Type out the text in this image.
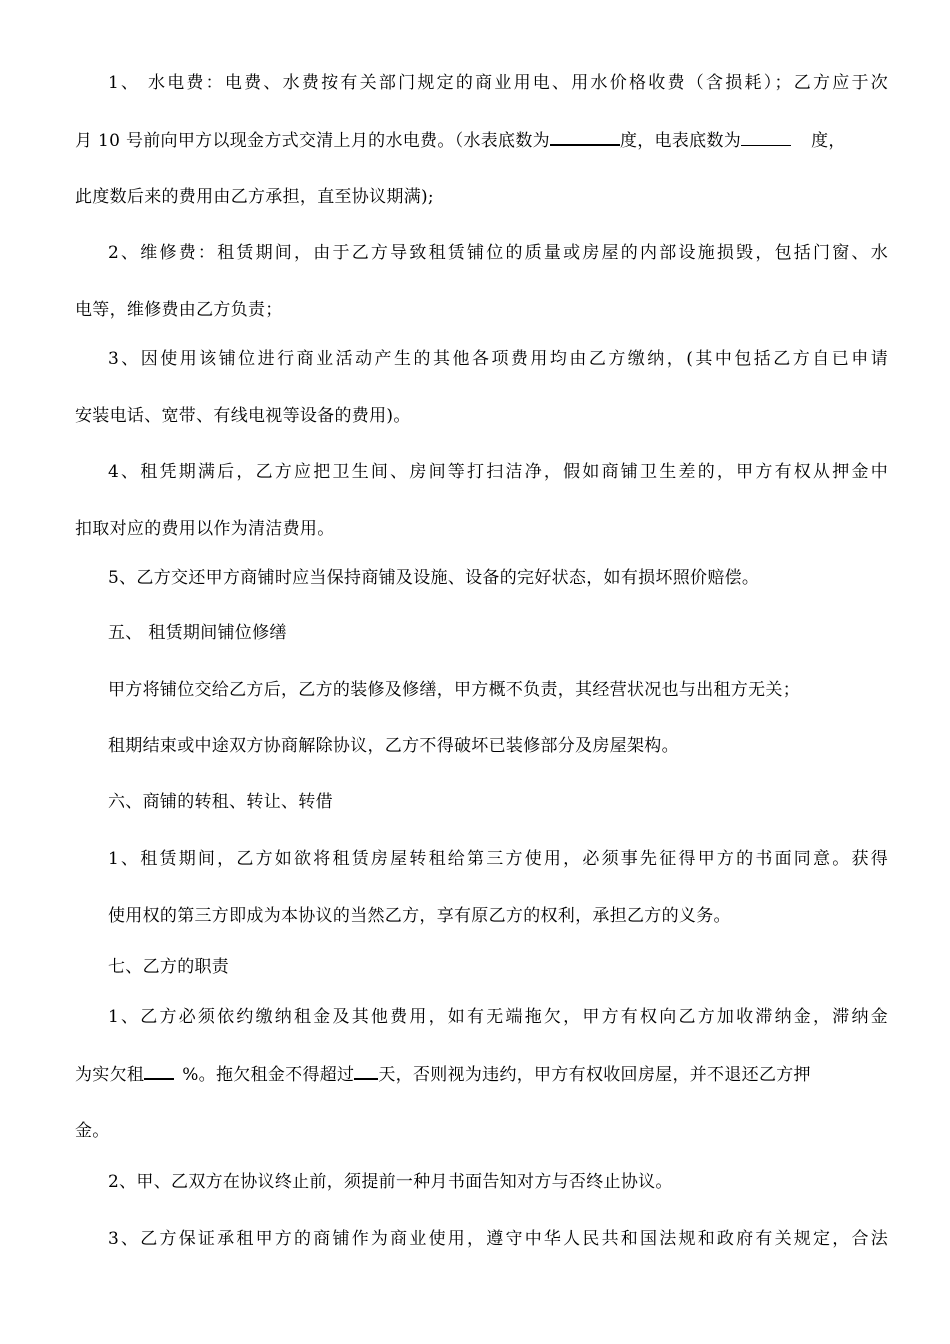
1、 水电费：电费、水费按有关部门规定的商业用电、用水价格收费（含损耗）；乙方应于次
月 10 号前向甲方以现金方式交清上月的水电费。（水表底数为	度，电表底数为	度，
此度数后来的费用由乙方承担，直至协议期满);
2、维修费：租赁期间，由于乙方导致租赁铺位的质量或房屋的内部设施损毁，包括门窗、水
电等，维修费由乙方负责；
3、因使用该铺位进行商业活动产生的其他各项费用均由乙方缴纳，(其中包括乙方自已申请
安装电话、宽带、有线电视等设备的费用)。
4、租凭期满后，乙方应把卫生间、房间等打扫洁净，假如商铺卫生差的，甲方有权从押金中
扣取对应的费用以作为清洁费用。
5、乙方交还甲方商铺时应当保持商铺及设施、设备的完好状态，如有损坏照价赔偿。
五、 租赁期间铺位修缮
甲方将铺位交给乙方后，乙方的装修及修缮，甲方概不负责，其经营状况也与出租方无关；
租期结束或中途双方协商解除协议，乙方不得破坏已装修部分及房屋架构。
六、商铺的转租、转让、转借
1、租赁期间，乙方如欲将租赁房屋转租给第三方使用，必须事先征得甲方的书面同意。获得
使用权的第三方即成为本协议的当然乙方，享有原乙方的权利，承担乙方的义务。
七、乙方的职责
1、乙方必须依约缴纳租金及其他费用，如有无端拖欠，甲方有权向乙方加收滞纳金，滞纳金
为实欠租 %。拖欠租金不得超过 天，否则视为违约，甲方有权收回房屋，并不退还乙方押
金。
2、甲、乙双方在协议终止前，须提前一种月书面告知对方与否终止协议。
3、乙方保证承租甲方的商铺作为商业使用，遵守中华人民共和国法规和政府有关规定，合法
